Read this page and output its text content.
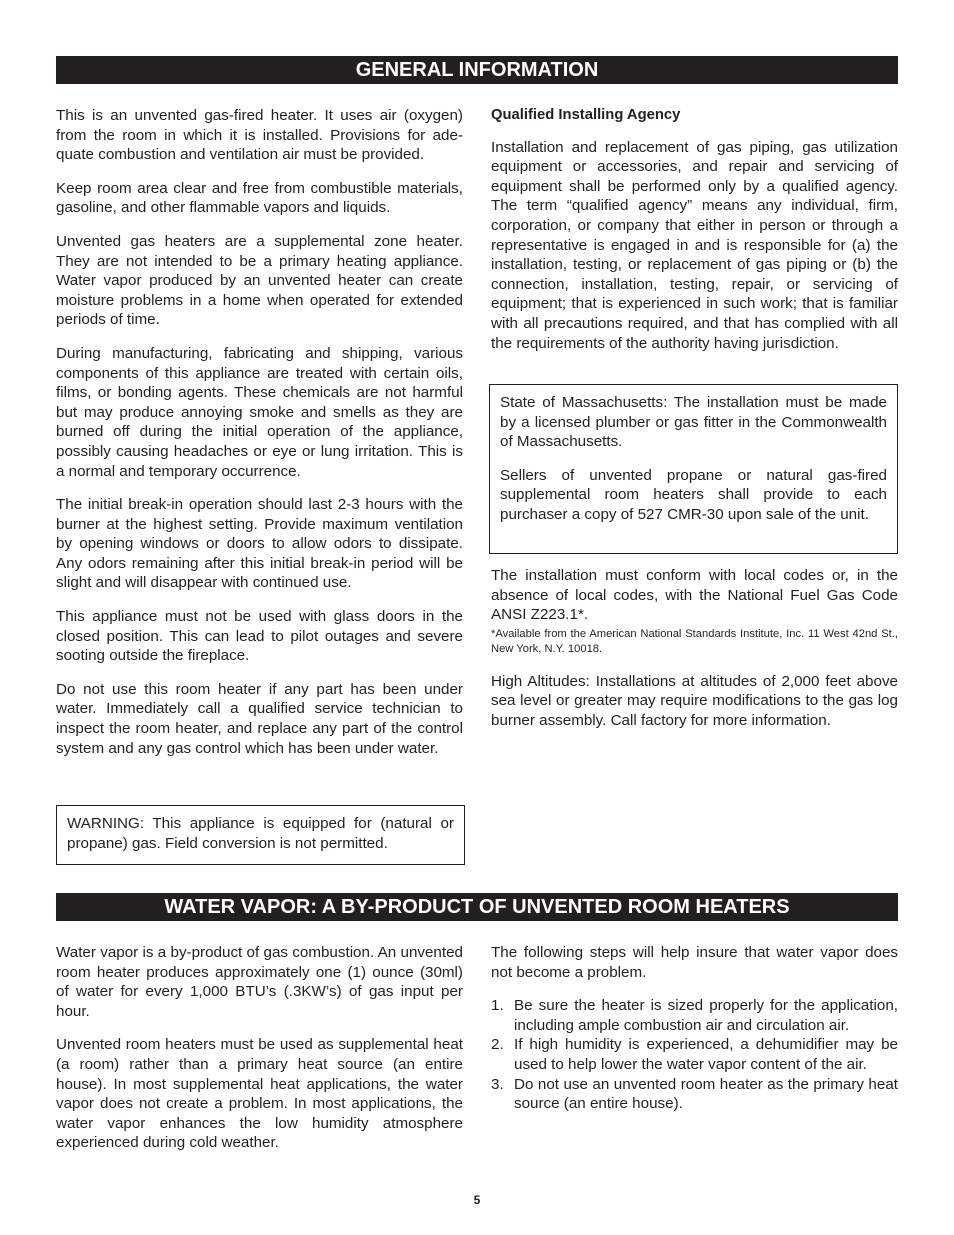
GENERAL INFORMATION

This is an unvented gas-fired heater. It uses air (oxygen) from the room in which it is installed. Provisions for adequate combustion and ventilation air must be provided.

Keep room area clear and free from combustible materials, gasoline, and other flammable vapors and liquids.

Unvented gas heaters are a supplemental zone heater. They are not intended to be a primary heating appliance. Water vapor produced by an unvented heater can create moisture problems in a home when operated for extended periods of time.

During manufacturing, fabricating and shipping, various components of this appliance are treated with certain oils, films, or bonding agents. These chemicals are not harmful but may produce annoying smoke and smells as they are burned off during the initial operation of the appliance, possibly causing headaches or eye or lung irritation. This is a normal and temporary occurrence.

The initial break-in operation should last 2-3 hours with the burner at the highest setting. Provide maximum ventilation by opening windows or doors to allow odors to dissipate. Any odors remaining after this initial break-in period will be slight and will disappear with continued use.

This appliance must not be used with glass doors in the closed position. This can lead to pilot outages and severe sooting outside the fireplace.

Do not use this room heater if any part has been under water. Immediately call a qualified service technician to inspect the room heater, and replace any part of the control system and any gas control which has been under water.

WARNING: This appliance is equipped for (natural or propane) gas. Field conversion is not permitted.

Qualified Installing Agency

Installation and replacement of gas piping, gas utilization equipment or accessories, and repair and servicing of equipment shall be performed only by a qualified agency. The term “qualified agency” means any individual, firm, corporation, or company that either in person or through a representative is engaged in and is responsible for (a) the installation, testing, or replacement of gas piping or (b) the connection, installation, testing, repair, or servicing of equipment; that is experienced in such work; that is familiar with all precautions required, and that has complied with all the requirements of the authority having jurisdiction.

State of Massachusetts: The installation must be made by a licensed plumber or gas fitter in the Commonwealth of Massachusetts.

Sellers of unvented propane or natural gas-fired supplemental room heaters shall provide to each purchaser a copy of 527 CMR-30 upon sale of the unit.

The installation must conform with local codes or, in the absence of local codes, with the National Fuel Gas Code ANSI Z223.1*.

*Available from the American National Standards Institute, Inc. 11 West 42nd St., New York, N.Y. 10018.

High Altitudes: Installations at altitudes of 2,000 feet above sea level or greater may require modifications to the gas log burner assembly. Call factory for more information.

WATER VAPOR: A BY-PRODUCT OF UNVENTED ROOM HEATERS

Water vapor is a by-product of gas combustion. An unvented room heater produces approximately one (1) ounce (30ml) of water for every 1,000 BTU’s (.3KW’s) of gas input per hour.

Unvented room heaters must be used as supplemental heat (a room) rather than a primary heat source (an entire house). In most supplemental heat applications, the water vapor does not create a problem. In most applications, the water vapor enhances the low humidity atmosphere experienced during cold weather.

The following steps will help insure that water vapor does not become a problem.

1. Be sure the heater is sized properly for the application, including ample combustion air and circulation air.
2. If high humidity is experienced, a dehumidifier may be used to help lower the water vapor content of the air.
3. Do not use an unvented room heater as the primary heat source (an entire house).
5
